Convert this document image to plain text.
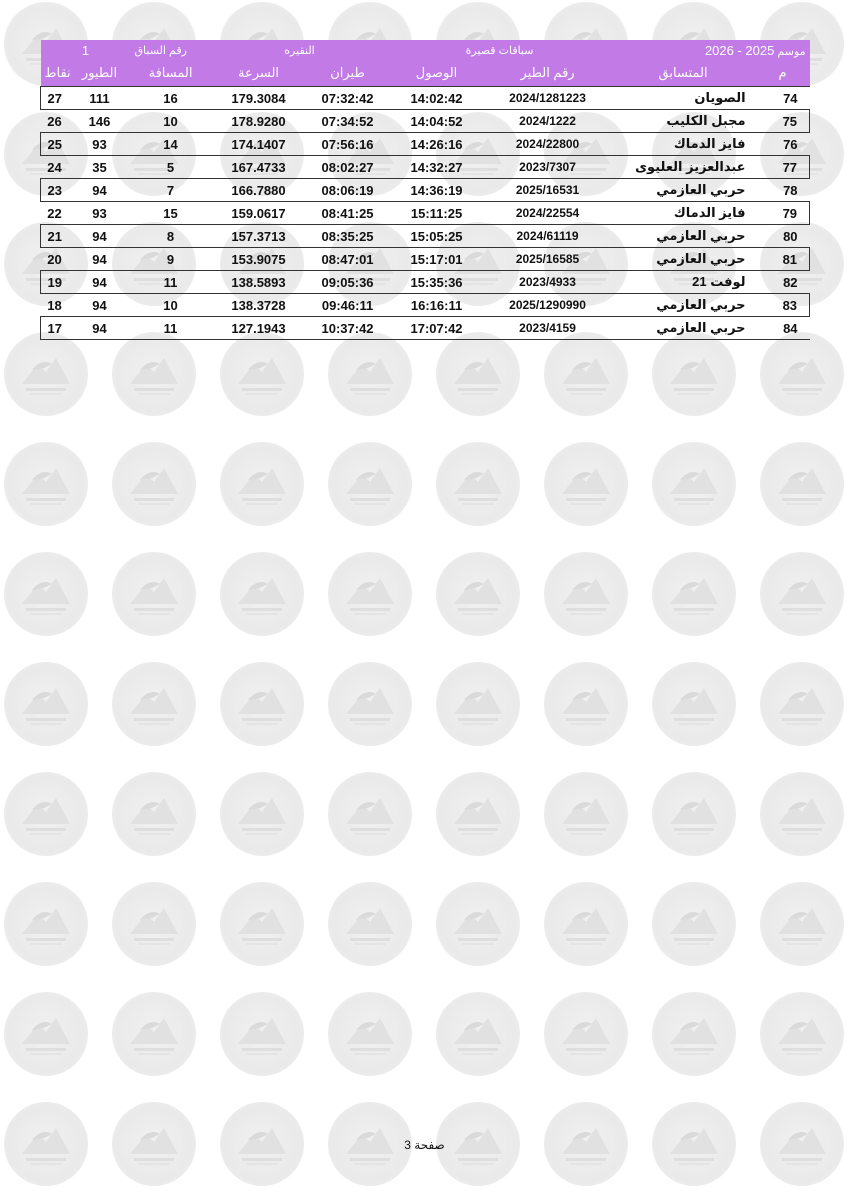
1		رقم السباق	النقيره		سباقات قصيرة		2026 - 2025 موسم	
نقاط	الطيور	المسافة	السرعة	طيران	الوصول	رقم الطير	المتسابق	م
27	111	16	179.3084	07:32:42	14:02:42	2024/1281223	الصويان	74
26	146	10	178.9280	07:34:52	14:04:52	2024/1222	مجبل الكليب	75
25	93	14	174.1407	07:56:16	14:26:16	2024/22800	فايز الدماك	76
24	35	5	167.4733	08:02:27	14:32:27	2023/7307	عبدالعزيز العليوى	77
23	94	7	166.7880	08:06:19	14:36:19	2025/16531	حربي العازمي	78
22	93	15	159.0617	08:41:25	15:11:25	2024/22554	فايز الدماك	79
21	94	8	157.3713	08:35:25	15:05:25	2024/61119	حربي العازمي	80
20	94	9	153.9075	08:47:01	15:17:01	2025/16585	حربي العازمي	81
19	94	11	138.5893	09:05:36	15:35:36	2023/4933	لوفت 21	82
18	94	10	138.3728	09:46:11	16:16:11	2025/1290990	حربي العازمي	83
17	94	11	127.1943	10:37:42	17:07:42	2023/4159	حربي العازمي	84
صفحة 3
